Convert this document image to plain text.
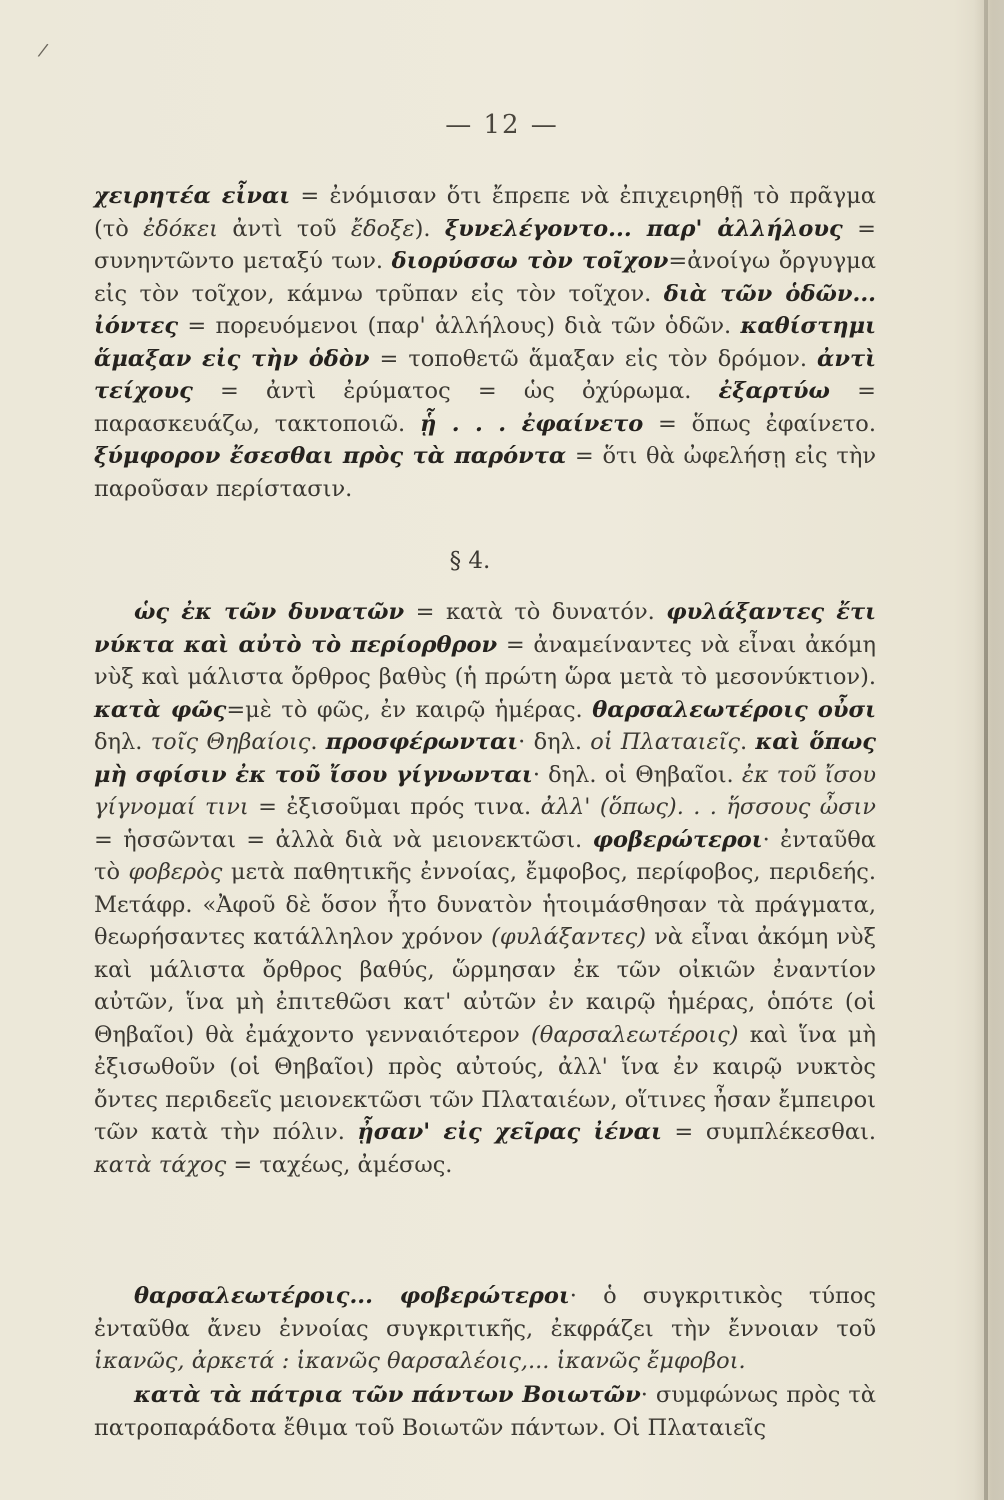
/
— 12 —
χειρητέα εἶναι = ἐνόμισαν ὅτι ἔπρεπε νὰ ἐπιχειρηθῇ τὸ πρᾶγμα (τὸ ἐδόκει ἀντὶ τοῦ ἔδοξε). ξυνελέγοντο... παρ' ἀλλήλους = συνηντῶντο μεταξύ των. διορύσσω τὸν τοῖχον=ἀνοίγω ὄργυγμα εἰς τὸν τοῖχον, κάμνω τρῦπαν εἰς τὸν τοῖχον. διὰ τῶν ὁδῶν... ἰόντες = πορευόμενοι (παρ' ἀλλήλους) διὰ τῶν ὁδῶν. καθίστημι ἅμαξαν εἰς τὴν ὁδὸν = τοποθετῶ ἅμαξαν εἰς τὸν δρόμον. ἀντὶ τείχους = ἀντὶ ἐρύματος = ὡς ὀχύρωμα. ἐξαρτύω = παρασκευάζω, τακτοποιῶ. ᾗ . . . ἐφαίνετο = ὅπως ἐφαίνετο. ξύμφορον ἔσεσθαι πρὸς τὰ παρόντα = ὅτι θὰ ὠφελήσῃ εἰς τὴν παροῦσαν περίστασιν.
§ 4.
ὡς ἐκ τῶν δυνατῶν = κατὰ τὸ δυνατόν. φυλάξαντες ἔτι νύκτα καὶ αὐτὸ τὸ περίορθρον = ἀναμείναντες νὰ εἶναι ἀκόμη νὺξ καὶ μάλιστα ὄρθρος βαθὺς (ἡ πρώτη ὥρα μετὰ τὸ μεσονύκτιον). κατὰ φῶς=μὲ τὸ φῶς, ἐν καιρῷ ἡμέρας. θαρσαλεωτέροις οὖσι δηλ. τοῖς Θηβαίοις. προσφέρωνται· δηλ. οἱ Πλαταιεῖς. καὶ ὅπως μὴ σφίσιν ἐκ τοῦ ἴσου γίγνωνται· δηλ. οἱ Θηβαῖοι. ἐκ τοῦ ἴσου γίγνομαί τινι = ἐξισοῦμαι πρός τινα. ἀλλ' (ὅπως). . . ἥσσους ὦσιν = ἡσσῶνται = ἀλλὰ διὰ νὰ μειονεκτῶσι. φοβερώτεροι· ἐνταῦθα τὸ φοβερὸς μετὰ παθητικῆς ἐννοίας, ἔμφοβος, περίφοβος, περιδεής. Μετάφρ. «Ἀφοῦ δὲ ὅσον ἦτο δυνατὸν ἡτοιμάσθησαν τὰ πράγματα, θεωρήσαντες κατάλληλον χρόνον (φυλάξαντες) νὰ εἶναι ἀκόμη νὺξ καὶ μάλιστα ὄρθρος βαθύς, ὥρμησαν ἐκ τῶν οἰκιῶν ἐναντίον αὐτῶν, ἵνα μὴ ἐπιτεθῶσι κατ' αὐτῶν ἐν καιρῷ ἡμέρας, ὁπότε (οἱ Θηβαῖοι) θὰ ἐμάχοντο γενναιότερον (θαρσαλεωτέροις) καὶ ἵνα μὴ ἐξισωθοῦν (οἱ Θηβαῖοι) πρὸς αὐτούς, ἀλλ' ἵνα ἐν καιρῷ νυκτὸς ὄντες περιδεεῖς μειονεκτῶσι τῶν Πλαταιέων, οἵτινες ἦσαν ἔμπειροι τῶν κατὰ τὴν πόλιν. ᾖσαν' εἰς χεῖρας ἰέναι = συμπλέκεσθαι. κατὰ τάχος = ταχέως, ἀμέσως.
θαρσαλεωτέροις... φοβερώτεροι· ὁ συγκριτικὸς τύπος ἐνταῦθα ἄνευ ἐννοίας συγκριτικῆς, ἐκφράζει τὴν ἔννοιαν τοῦ ἱκανῶς, ἀρκετά : ἱκανῶς θαρσαλέοις,... ἱκανῶς ἔμφοβοι.
κατὰ τὰ πάτρια τῶν πάντων Βοιωτῶν· συμφώνως πρὸς τὰ πατροπαράδοτα ἔθιμα τοῦ Βοιωτῶν πάντων. Οἱ Πλαταιεῖς
